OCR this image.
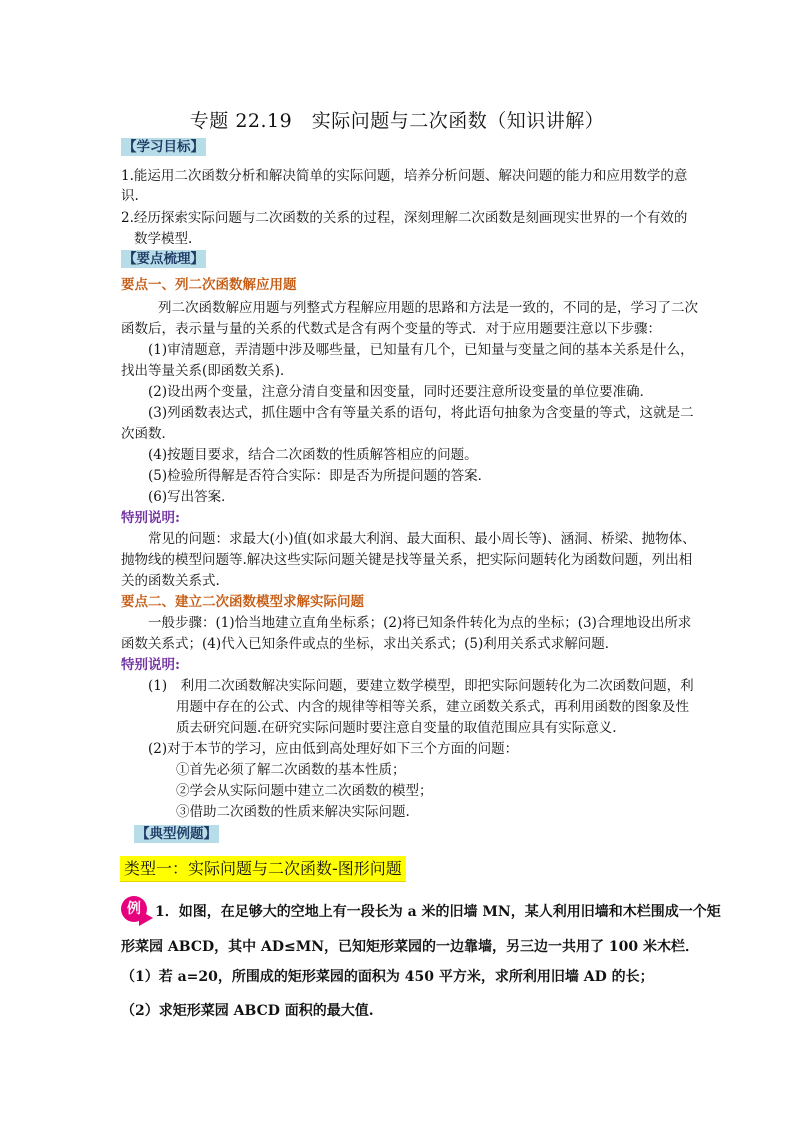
专题 22.19　实际问题与二次函数（知识讲解）
【学习目标】
1.能运用二次函数分析和解决简单的实际问题，培养分析问题、解决问题的能力和应用数学的意
识.
2.经历探索实际问题与二次函数的关系的过程，深刻理解二次函数是刻画现实世界的一个有效的
数学模型.
【要点梳理】
要点一、列二次函数解应用题
列二次函数解应用题与列整式方程解应用题的思路和方法是一致的，不同的是，学习了二次
函数后，表示量与量的关系的代数式是含有两个变量的等式．对于应用题要注意以下步骤：
(1)审清题意，弄清题中涉及哪些量，已知量有几个，已知量与变量之间的基本关系是什么，
找出等量关系(即函数关系)．
(2)设出两个变量，注意分清自变量和因变量，同时还要注意所设变量的单位要准确．
(3)列函数表达式，抓住题中含有等量关系的语句，将此语句抽象为含变量的等式，这就是二
次函数．
(4)按题目要求，结合二次函数的性质解答相应的问题。
(5)检验所得解是否符合实际：即是否为所提问题的答案．
(6)写出答案．
特别说明:
常见的问题：求最大(小)值(如求最大利润、最大面积、最小周长等)、涵洞、桥梁、抛物体、
抛物线的模型问题等.解决这些实际问题关键是找等量关系，把实际问题转化为函数问题，列出相
关的函数关系式.
要点二、建立二次函数模型求解实际问题
一般步骤：(1)恰当地建立直角坐标系；(2)将已知条件转化为点的坐标；(3)合理地设出所求
函数关系式；(4)代入已知条件或点的坐标，求出关系式；(5)利用关系式求解问题．
特别说明:
(1)　利用二次函数解决实际问题，要建立数学模型，即把实际问题转化为二次函数问题，利
用题中存在的公式、内含的规律等相等关系，建立函数关系式，再利用函数的图象及性
质去研究问题.在研究实际问题时要注意自变量的取值范围应具有实际意义.
(2)对于本节的学习，应由低到高处理好如下三个方面的问题：
①首先必须了解二次函数的基本性质；
②学会从实际问题中建立二次函数的模型；
③借助二次函数的性质来解决实际问题.
【典型例题】
类型一：实际问题与二次函数-图形问题
例	1．如图，在足够大的空地上有一段长为 a 米的旧墙 MN，某人利用旧墙和木栏围成一个矩
形菜园 ABCD，其中 AD≤MN，已知矩形菜园的一边靠墙，另三边一共用了 100 米木栏．
（1）若 a=20，所围成的矩形菜园的面积为 450 平方米，求所利用旧墙 AD 的长；
（2）求矩形菜园 ABCD 面积的最大值.
